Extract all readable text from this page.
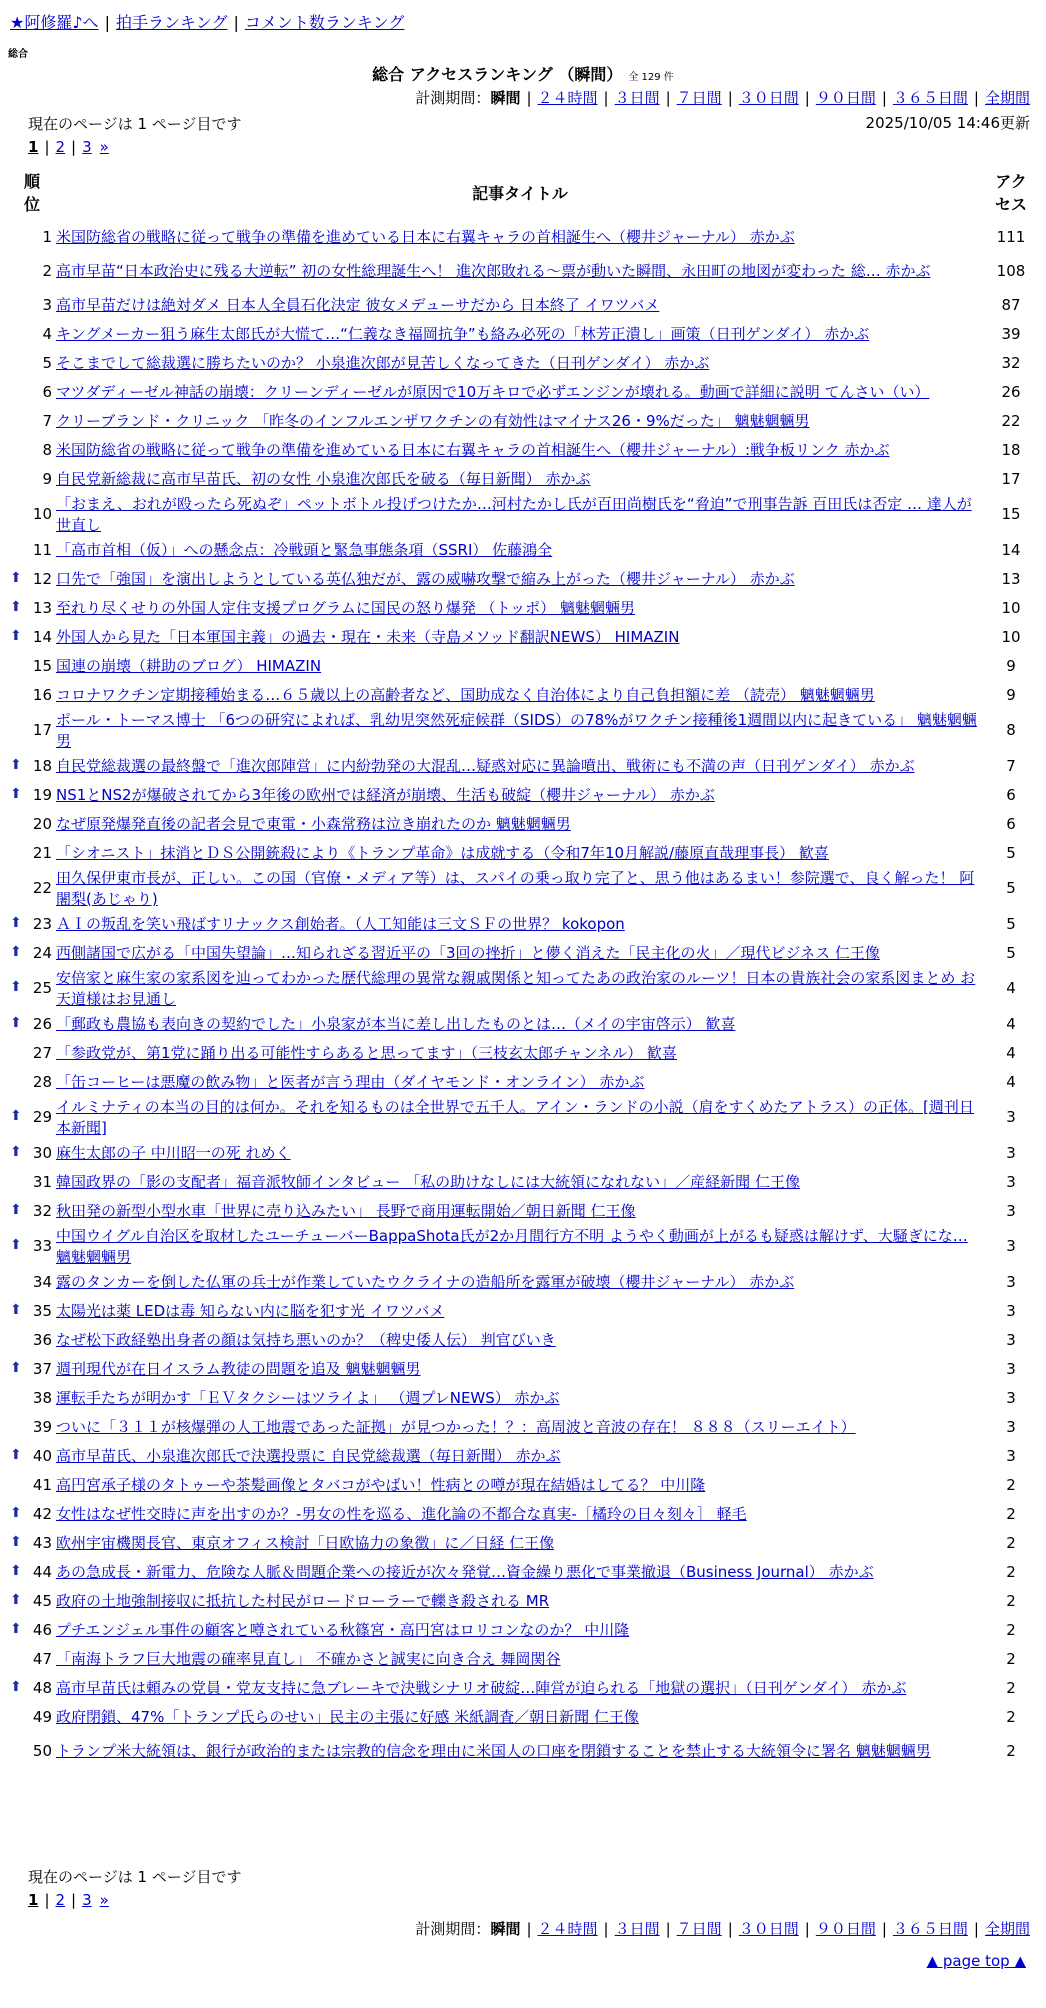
★阿修羅♪へ | 拍手ランキング | コメント数ランキング
総合
総合 アクセスランキング （瞬間） 全 129 件
計測期間：瞬間 | ２４時間 | ３日間 | ７日間 | ３０日間 | ９０日間 | ３６５日間 | 全期間
現在のページは 1 ページ目です	2025/10/05 14:46更新
1 | 2 | 3 »
順位	記事タイトル	アクセス
1	米国防総省の戦略に従って戦争の準備を進めている日本に右翼キャラの首相誕生へ（櫻井ジャーナル） 赤かぶ	111
2	高市早苗“日本政治史に残る大逆転” 初の女性総理誕生へ！ 進次郎敗れる～票が動いた瞬間、永田町の地図が変わった 総… 赤かぶ	108
3	高市早苗だけは絶対ダメ 日本人全員石化決定 彼女メデューサだから 日本終了 イワツバメ	87
4	キングメーカー狙う麻生太郎氏が大慌て…“仁義なき福岡抗争”も絡み必死の「林芳正潰し」画策（日刊ゲンダイ） 赤かぶ	39
5	そこまでして総裁選に勝ちたいのか？ 小泉進次郎が見苦しくなってきた（日刊ゲンダイ） 赤かぶ	32
6	マツダディーゼル神話の崩壊：クリーンディーゼルが原因で10万キロで必ずエンジンが壊れる。動画で詳細に説明 てんさい（い）	26
7	クリーブランド・クリニック 「昨冬のインフルエンザワクチンの有効性はマイナス26・9%だった」 魑魅魍魎男	22
8	米国防総省の戦略に従って戦争の準備を進めている日本に右翼キャラの首相誕生へ（櫻井ジャーナル）:戦争板リンク 赤かぶ	18
9	自民党新総裁に高市早苗氏、初の女性 小泉進次郎氏を破る（毎日新聞） 赤かぶ	17
10	「おまえ、おれが殴ったら死ぬぞ」ペットボトル投げつけたか…河村たかし氏が百田尚樹氏を“脅迫”で刑事告訴 百田氏は否定 … 達人が世直し	15
11	「高市首相（仮）」への懸念点：冷戦頭と緊急事態条項（SSRI） 佐藤鴻全	14

⬆ 12	口先で「強国」を演出しようとしている英仏独だが、露の威嚇攻撃で縮み上がった（櫻井ジャーナル） 赤かぶ	13

⬆ 13	至れり尽くせりの外国人定住支援プログラムに国民の怒り爆発 （トッポ） 魑魅魍魎男	10

⬆ 14	外国人から見た「日本軍国主義」の過去・現在・未来（寺島メソッド翻訳NEWS） HIMAZIN	10
15	国連の崩壊（耕助のブログ） HIMAZIN	9
16	コロナワクチン定期接種始まる…６５歳以上の高齢者など、国助成なく自治体により自己負担額に差 （読売） 魑魅魍魎男	9
17	ポール・トーマス博士 「6つの研究によれば、乳幼児突然死症候群（SIDS）の78%がワクチン接種後1週間以内に起きている」 魑魅魍魎男	8

⬆ 18	自民党総裁選の最終盤で「進次郎陣営」に内紛勃発の大混乱…疑惑対応に異論噴出、戦術にも不満の声（日刊ゲンダイ） 赤かぶ	7

⬆ 19	NS1とNS2が爆破されてから3年後の欧州では経済が崩壊、生活も破綻（櫻井ジャーナル） 赤かぶ	6
20	なぜ原発爆発直後の記者会見で東電・小森常務は泣き崩れたのか 魑魅魍魎男	6
21	「シオニスト」抹消とＤＳ公開銃殺により《トランプ革命》は成就する（令和7年10月解説/藤原直哉理事長） 歓喜	5
22	田久保伊東市長が、正しい。この国（官僚・メディア等）は、スパイの乗っ取り完了と、思う他はあるまい！参院選で、良く解った！ 阿闍梨(あじゃり)	5

⬆ 23	ＡＩの叛乱を笑い飛ばすリナックス創始者。（人工知能は三文ＳＦの世界？ kokopon	5

⬆ 24	西側諸国で広がる「中国失望論」…知られざる習近平の「3回の挫折」と儚く消えた「民主化の火」／現代ビジネス 仁王像	5

⬆ 25	安倍家と麻生家の家系図を辿ってわかった歴代総理の異常な親戚関係と知ってたあの政治家のルーツ！日本の貴族社会の家系図まとめ お天道様はお見通し	4

⬆ 26	「郵政も農協も表向きの契約でした」小泉家が本当に差し出したものとは…（メイの宇宙啓示） 歓喜	4
27	「参政党が、第1党に踊り出る可能性すらあると思ってます」（三枝玄太郎チャンネル） 歓喜	4
28	「缶コーヒーは悪魔の飲み物」と医者が言う理由（ダイヤモンド・オンライン） 赤かぶ	4

⬆ 29	イルミナティの本当の目的は何か。それを知るものは全世界で五千人。アイン・ランドの小説（肩をすくめたアトラス）の正体。[週刊日本新聞]	3

⬆ 30	麻生太郎の子 中川昭一の死 れめく	3
31	韓国政界の「影の支配者」福音派牧師インタビュー 「私の助けなしには大統領になれない」／産経新聞 仁王像	3

⬆ 32	秋田発の新型小型水車「世界に売り込みたい」 長野で商用運転開始／朝日新聞 仁王像	3

⬆ 33	中国ウイグル自治区を取材したユーチューバーBappaShota氏が2か月間行方不明 ようやく動画が上がるも疑惑は解けず、大騒ぎにな… 魑魅魍魎男	3
34	露のタンカーを倒した仏軍の兵士が作業していたウクライナの造船所を露軍が破壊（櫻井ジャーナル） 赤かぶ	3

⬆ 35	太陽光は薬 LEDは毒 知らない内に脳を犯す光 イワツバメ	3
36	なぜ松下政経塾出身者の顔は気持ち悪いのか？（稗史倭人伝） 判官びいき	3

⬆ 37	週刊現代が在日イスラム教徒の問題を追及 魑魅魍魎男	3
38	運転手たちが明かす「ＥＶタクシーはツライよ」 （週プレNEWS） 赤かぶ	3
39	ついに「３１１が核爆弾の人工地震であった証拠」が見つかった！？：高周波と音波の存在！ ８８８（スリーエイト）	3

⬆ 40	高市早苗氏、小泉進次郎氏で決選投票に 自民党総裁選（毎日新聞） 赤かぶ	3
41	高円宮承子様のタトゥーや茶髪画像とタバコがやばい！性病との噂が現在結婚はしてる？ 中川隆	2

⬆ 42	女性はなぜ性交時に声を出すのか？-男女の性を巡る、進化論の不都合な真実-［橘玲の日々刻々］ 軽毛	2

⬆ 43	欧州宇宙機関長官、東京オフィス検討「日欧協力の象徴」に／日経 仁王像	2

⬆ 44	あの急成長・新電力、危険な人脈＆問題企業への接近が次々発覚…資金繰り悪化で事業撤退（Business Journal） 赤かぶ	2

⬆ 45	政府の土地強制接収に抵抗した村民がロードローラーで轢き殺される MR	2

⬆ 46	プチエンジェル事件の顧客と噂されている秋篠宮・高円宮はロリコンなのか？ 中川隆	2
47	「南海トラフ巨大地震の確率見直し」 不確かさと誠実に向き合え 舞岡関谷	2

⬆ 48	高市早苗氏は頼みの党員・党友支持に急ブレーキで決戦シナリオ破綻…陣営が迫られる「地獄の選択」（日刊ゲンダイ） 赤かぶ	2
49	政府閉鎖、47%「トランプ氏らのせい」民主の主張に好感 米紙調査／朝日新聞 仁王像	2
50	トランプ米大統領は、銀行が政治的または宗教的信念を理由に米国人の口座を閉鎖することを禁止する大統領令に署名 魑魅魍魎男	2
現在のページは 1 ページ目です
1 | 2 | 3 »
計測期間：瞬間 | ２４時間 | ３日間 | ７日間 | ３０日間 | ９０日間 | ３６５日間 | 全期間
▲ page top ▲
